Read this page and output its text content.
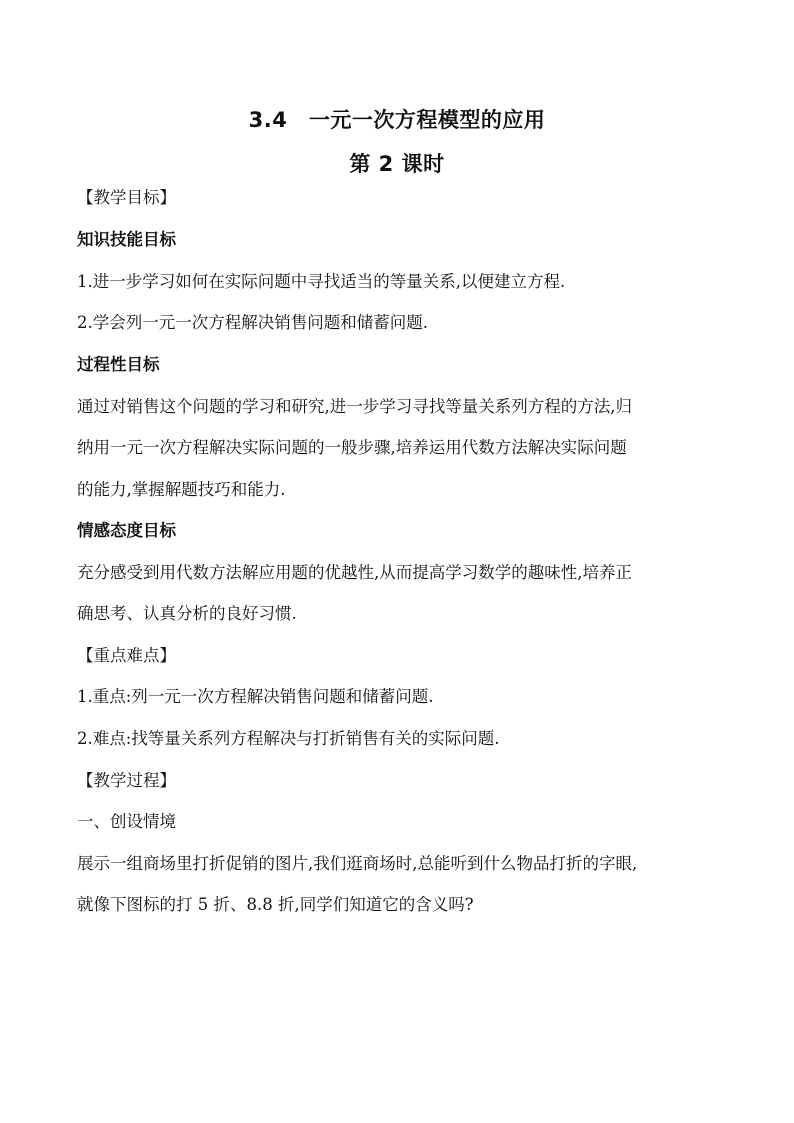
3.4　一元一次方程模型的应用
第 2 课时
【教学目标】
知识技能目标
1.进一步学习如何在实际问题中寻找适当的等量关系,以便建立方程.
2.学会列一元一次方程解决销售问题和储蓄问题.
过程性目标
通过对销售这个问题的学习和研究,进一步学习寻找等量关系列方程的方法,归
纳用一元一次方程解决实际问题的一般步骤,培养运用代数方法解决实际问题
的能力,掌握解题技巧和能力.
情感态度目标
充分感受到用代数方法解应用题的优越性,从而提高学习数学的趣味性,培养正
确思考、认真分析的良好习惯.
【重点难点】
1.重点:列一元一次方程解决销售问题和储蓄问题.
2.难点:找等量关系列方程解决与打折销售有关的实际问题.
【教学过程】
一、创设情境
展示一组商场里打折促销的图片,我们逛商场时,总能听到什么物品打折的字眼,
就像下图标的打 5 折、8.8 折,同学们知道它的含义吗?
